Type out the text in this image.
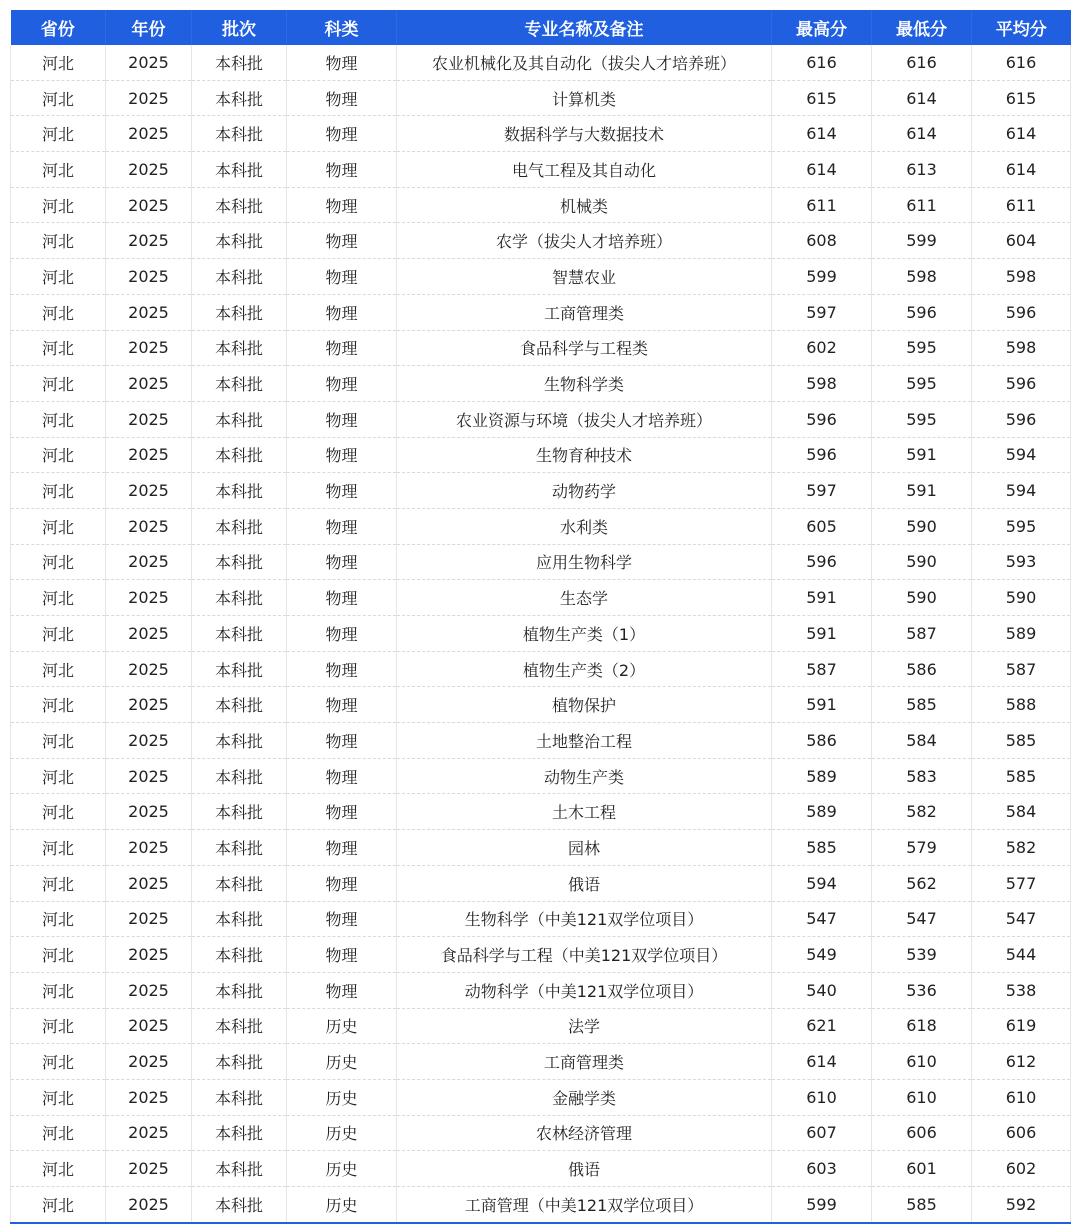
省份	年份	批次	科类	专业名称及备注	最高分	最低分	平均分
河北	2025	本科批	物理	农业机械化及其自动化（拔尖人才培养班）	616	616	616
河北	2025	本科批	物理	计算机类	615	614	615
河北	2025	本科批	物理	数据科学与大数据技术	614	614	614
河北	2025	本科批	物理	电气工程及其自动化	614	613	614
河北	2025	本科批	物理	机械类	611	611	611
河北	2025	本科批	物理	农学（拔尖人才培养班）	608	599	604
河北	2025	本科批	物理	智慧农业	599	598	598
河北	2025	本科批	物理	工商管理类	597	596	596
河北	2025	本科批	物理	食品科学与工程类	602	595	598
河北	2025	本科批	物理	生物科学类	598	595	596
河北	2025	本科批	物理	农业资源与环境（拔尖人才培养班）	596	595	596
河北	2025	本科批	物理	生物育种技术	596	591	594
河北	2025	本科批	物理	动物药学	597	591	594
河北	2025	本科批	物理	水利类	605	590	595
河北	2025	本科批	物理	应用生物科学	596	590	593
河北	2025	本科批	物理	生态学	591	590	590
河北	2025	本科批	物理	植物生产类（1）	591	587	589
河北	2025	本科批	物理	植物生产类（2）	587	586	587
河北	2025	本科批	物理	植物保护	591	585	588
河北	2025	本科批	物理	土地整治工程	586	584	585
河北	2025	本科批	物理	动物生产类	589	583	585
河北	2025	本科批	物理	土木工程	589	582	584
河北	2025	本科批	物理	园林	585	579	582
河北	2025	本科批	物理	俄语	594	562	577
河北	2025	本科批	物理	生物科学（中美121双学位项目）	547	547	547
河北	2025	本科批	物理	食品科学与工程（中美121双学位项目）	549	539	544
河北	2025	本科批	物理	动物科学（中美121双学位项目）	540	536	538
河北	2025	本科批	历史	法学	621	618	619
河北	2025	本科批	历史	工商管理类	614	610	612
河北	2025	本科批	历史	金融学类	610	610	610
河北	2025	本科批	历史	农林经济管理	607	606	606
河北	2025	本科批	历史	俄语	603	601	602
河北	2025	本科批	历史	工商管理（中美121双学位项目）	599	585	592
